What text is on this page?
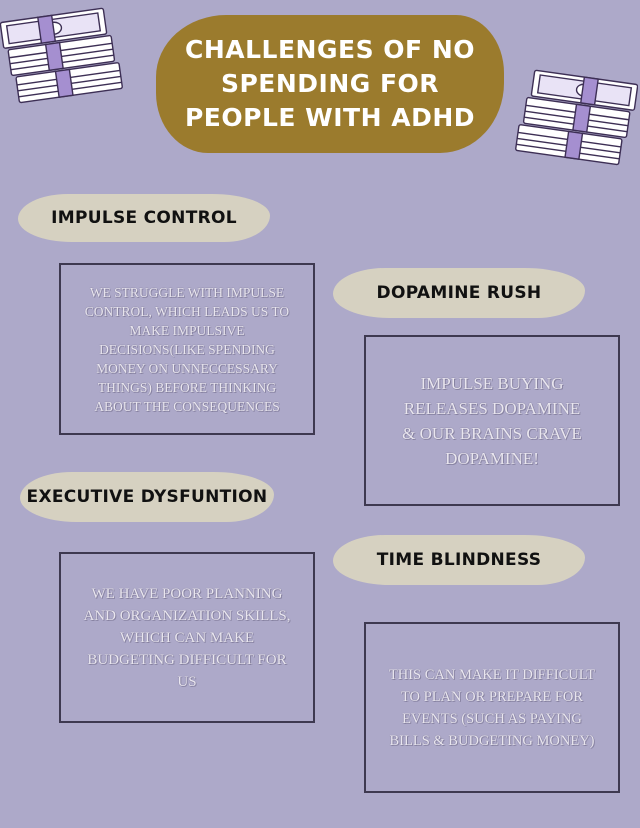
CHALLENGES OF NO SPENDING FOR PEOPLE WITH ADHD
IMPULSE CONTROL
WE STRUGGLE WITH IMPULSE CONTROL, WHICH LEADS US TO MAKE IMPULSIVE DECISIONS(LIKE SPENDING MONEY ON UNNECCESSARY THINGS) BEFORE THINKING ABOUT THE CONSEQUENCES
DOPAMINE RUSH
IMPULSE BUYING RELEASES DOPAMINE & OUR BRAINS CRAVE DOPAMINE!
EXECUTIVE DYSFUNTION
WE HAVE POOR PLANNING AND ORGANIZATION SKILLS, WHICH CAN MAKE BUDGETING DIFFICULT FOR US
TIME BLINDNESS
THIS CAN MAKE IT DIFFICULT TO PLAN OR PREPARE FOR EVENTS (SUCH AS PAYING BILLS & BUDGETING MONEY)
